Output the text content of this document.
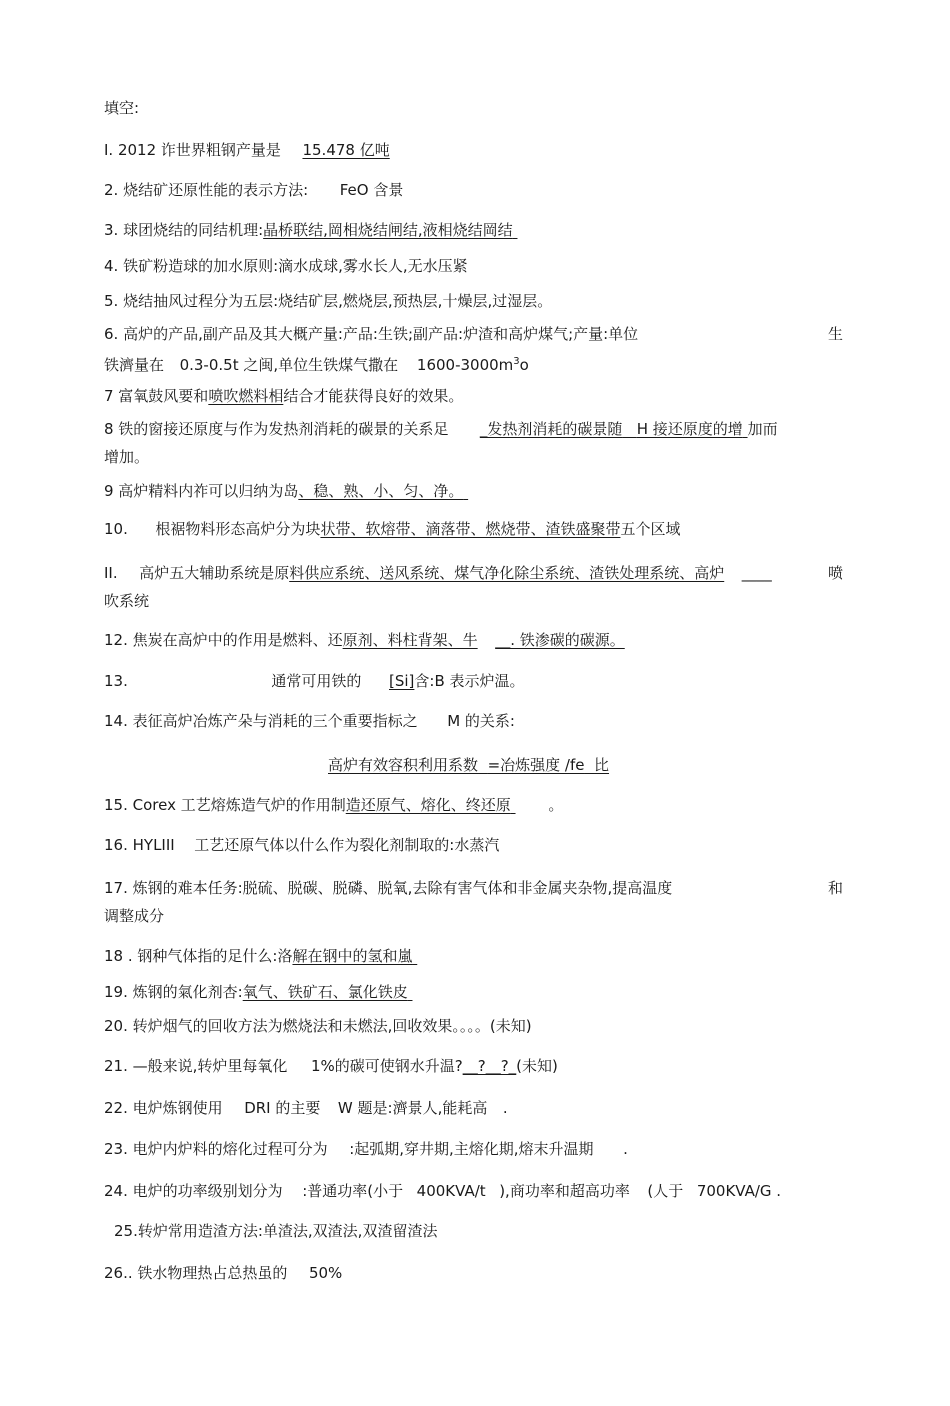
填空:
I. 2012 诈世界粗钢产量是 15.478 亿吨
2. 烧结矿还原性能的表示方法: FeO 含景
3. 球团烧结的同结机理:晶桥联结,岡相烧结闸结,液相烧结岡结
4. 铁矿粉造球的加水原则:滴水成球,雾水长人,无水压紧
5. 烧结抽风过程分为五层:烧结矿层,燃烧层,预热层,十燥层,过湿层。
6. 高炉的产品,副产品及其大概产量:产品:生铁;副产品:炉渣和高炉煤气;产量:单位	生
铁濟量在 0.3-0.5t 之闽,单位生铁煤气撒在 $1600-3000m^3o$
7 富氧鼓风要和喷吹燃料相结合才能获得良好的效果。
8 铁的窗接还原度与作为发热剂消耗的碳景的关系足 _发热剂消耗的碳景随 H 接还原度的增 加而
增加。
9 高炉精料内祚可以归纳为岛、稳、熟、小、匀、净。
10. 根裾物料形态高炉分为块状带、软熔带、滴落带、燃烧带、渣铁盛聚带五个区域
II. 高炉五大辅助系统是原料供应系统、送风系统、煤气净化除尘系统、渣铁处理系统、高炉 ____	喷
吹系统
12. 焦炭在高炉中的作用是燃料、还原剂、料柱背架、牛 __. 铁渗碳的碳源。
13.	通常可用铁的 [Si]含:B 表示炉温。
14. 表征高炉冶炼产朵与消耗的三个重要指标之 M 的关系:
高炉有效容积利用系数 =冶炼强度 /fe 比
15. Corex 工艺熔炼造气炉的作用制造还原气、熔化、终还原	。
16. HYLIII 工艺还原气体以什么作为裂化剂制取的:水蒸汽
17. 炼钢的难本任务:脱硫、脱碳、脱磷、脱氧,去除有害气体和非金属夹杂物,提高温度	和
调整成分
18 . 钢种气体指的足什么:洛解在钢中的氢和嵐
19. 炼钢的氣化剂杏:氧气、铁矿石、氯化铁皮
20. 转炉烟气的回收方法为燃烧法和未燃法,回收效果。。。。(未知)
21. —般来说,转炉里每氧化 1%的碳可使钢水升温?__?__?_(未知)
22. 电炉炼钢使用 DRI 的主要 W 题是:濟景人,能耗高 .
23. 电炉内炉料的熔化过程可分为 :起弧期,穿井期,主熔化期,熔末升温期 .
24. 电炉的功率级别划分为 :普通功率(小于 400KVA/t ),商功率和超高功率 (人于 700KVA/G .
25.转炉常用造渣方法:单渣法,双渣法,双渣留渣法
26.. 铁水物理热占总热虽的 50%
